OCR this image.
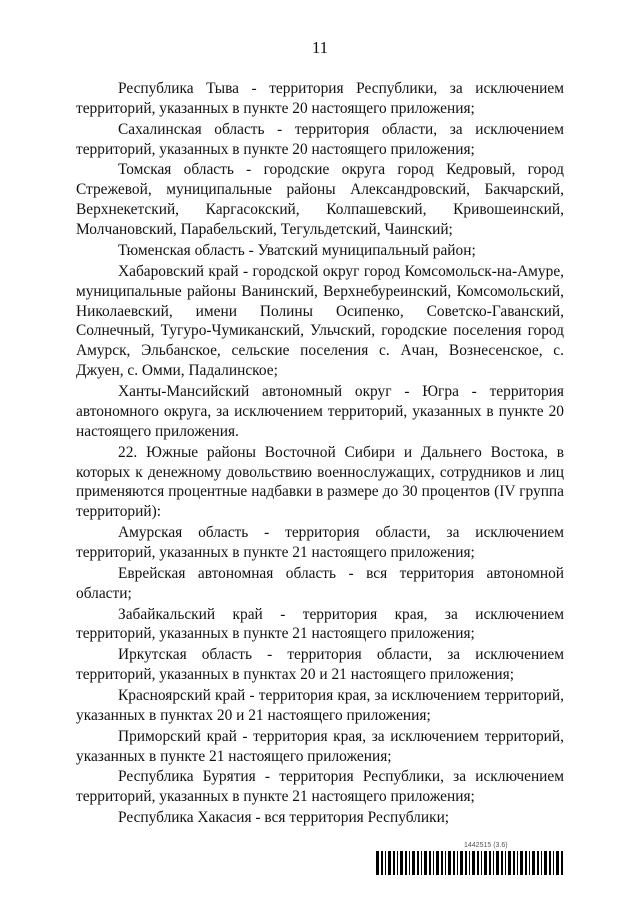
11

Республика Тыва - территория Республики, за исключением территорий, указанных в пункте 20 настоящего приложения;

Сахалинская область - территория области, за исключением территорий, указанных в пункте 20 настоящего приложения;

Томская область - городские округа город Кедровый, город Стрежевой, муниципальные районы Александровский, Бакчарский, Верхнекетский, Каргасокский, Колпашевский, Кривошеинский, Молчановский, Парабельский, Тегульдетский, Чаинский;

Тюменская область - Уватский муниципальный район;

Хабаровский край - городской округ город Комсомольск-на-Амуре, муниципальные районы Ванинский, Верхнебуреинский, Комсомольский, Николаевский, имени Полины Осипенко, Советско-Гаванский, Солнечный, Тугуро-Чумиканский, Ульчский, городские поселения город Амурск, Эльбанское, сельские поселения с. Ачан, Вознесенское, с. Джуен, с. Омми, Падалинское;

Ханты-Мансийский автономный округ - Югра - территория автономного округа, за исключением территорий, указанных в пункте 20 настоящего приложения.

22. Южные районы Восточной Сибири и Дальнего Востока, в которых к денежному довольствию военнослужащих, сотрудников и лиц применяются процентные надбавки в размере до 30 процентов (IV группа территорий):

Амурская область - территория области, за исключением территорий, указанных в пункте 21 настоящего приложения;

Еврейская автономная область - вся территория автономной области;

Забайкальский край - территория края, за исключением территорий, указанных в пункте 21 настоящего приложения;

Иркутская область - территория области, за исключением территорий, указанных в пунктах 20 и 21 настоящего приложения;

Красноярский край - территория края, за исключением территорий, указанных в пунктах 20 и 21 настоящего приложения;

Приморский край - территория края, за исключением территорий, указанных в пункте 21 настоящего приложения;

Республика Бурятия - территория Республики, за исключением территорий, указанных в пункте 21 настоящего приложения;

Республика Хакасия - вся территория Республики;

1442515 (3.6)
